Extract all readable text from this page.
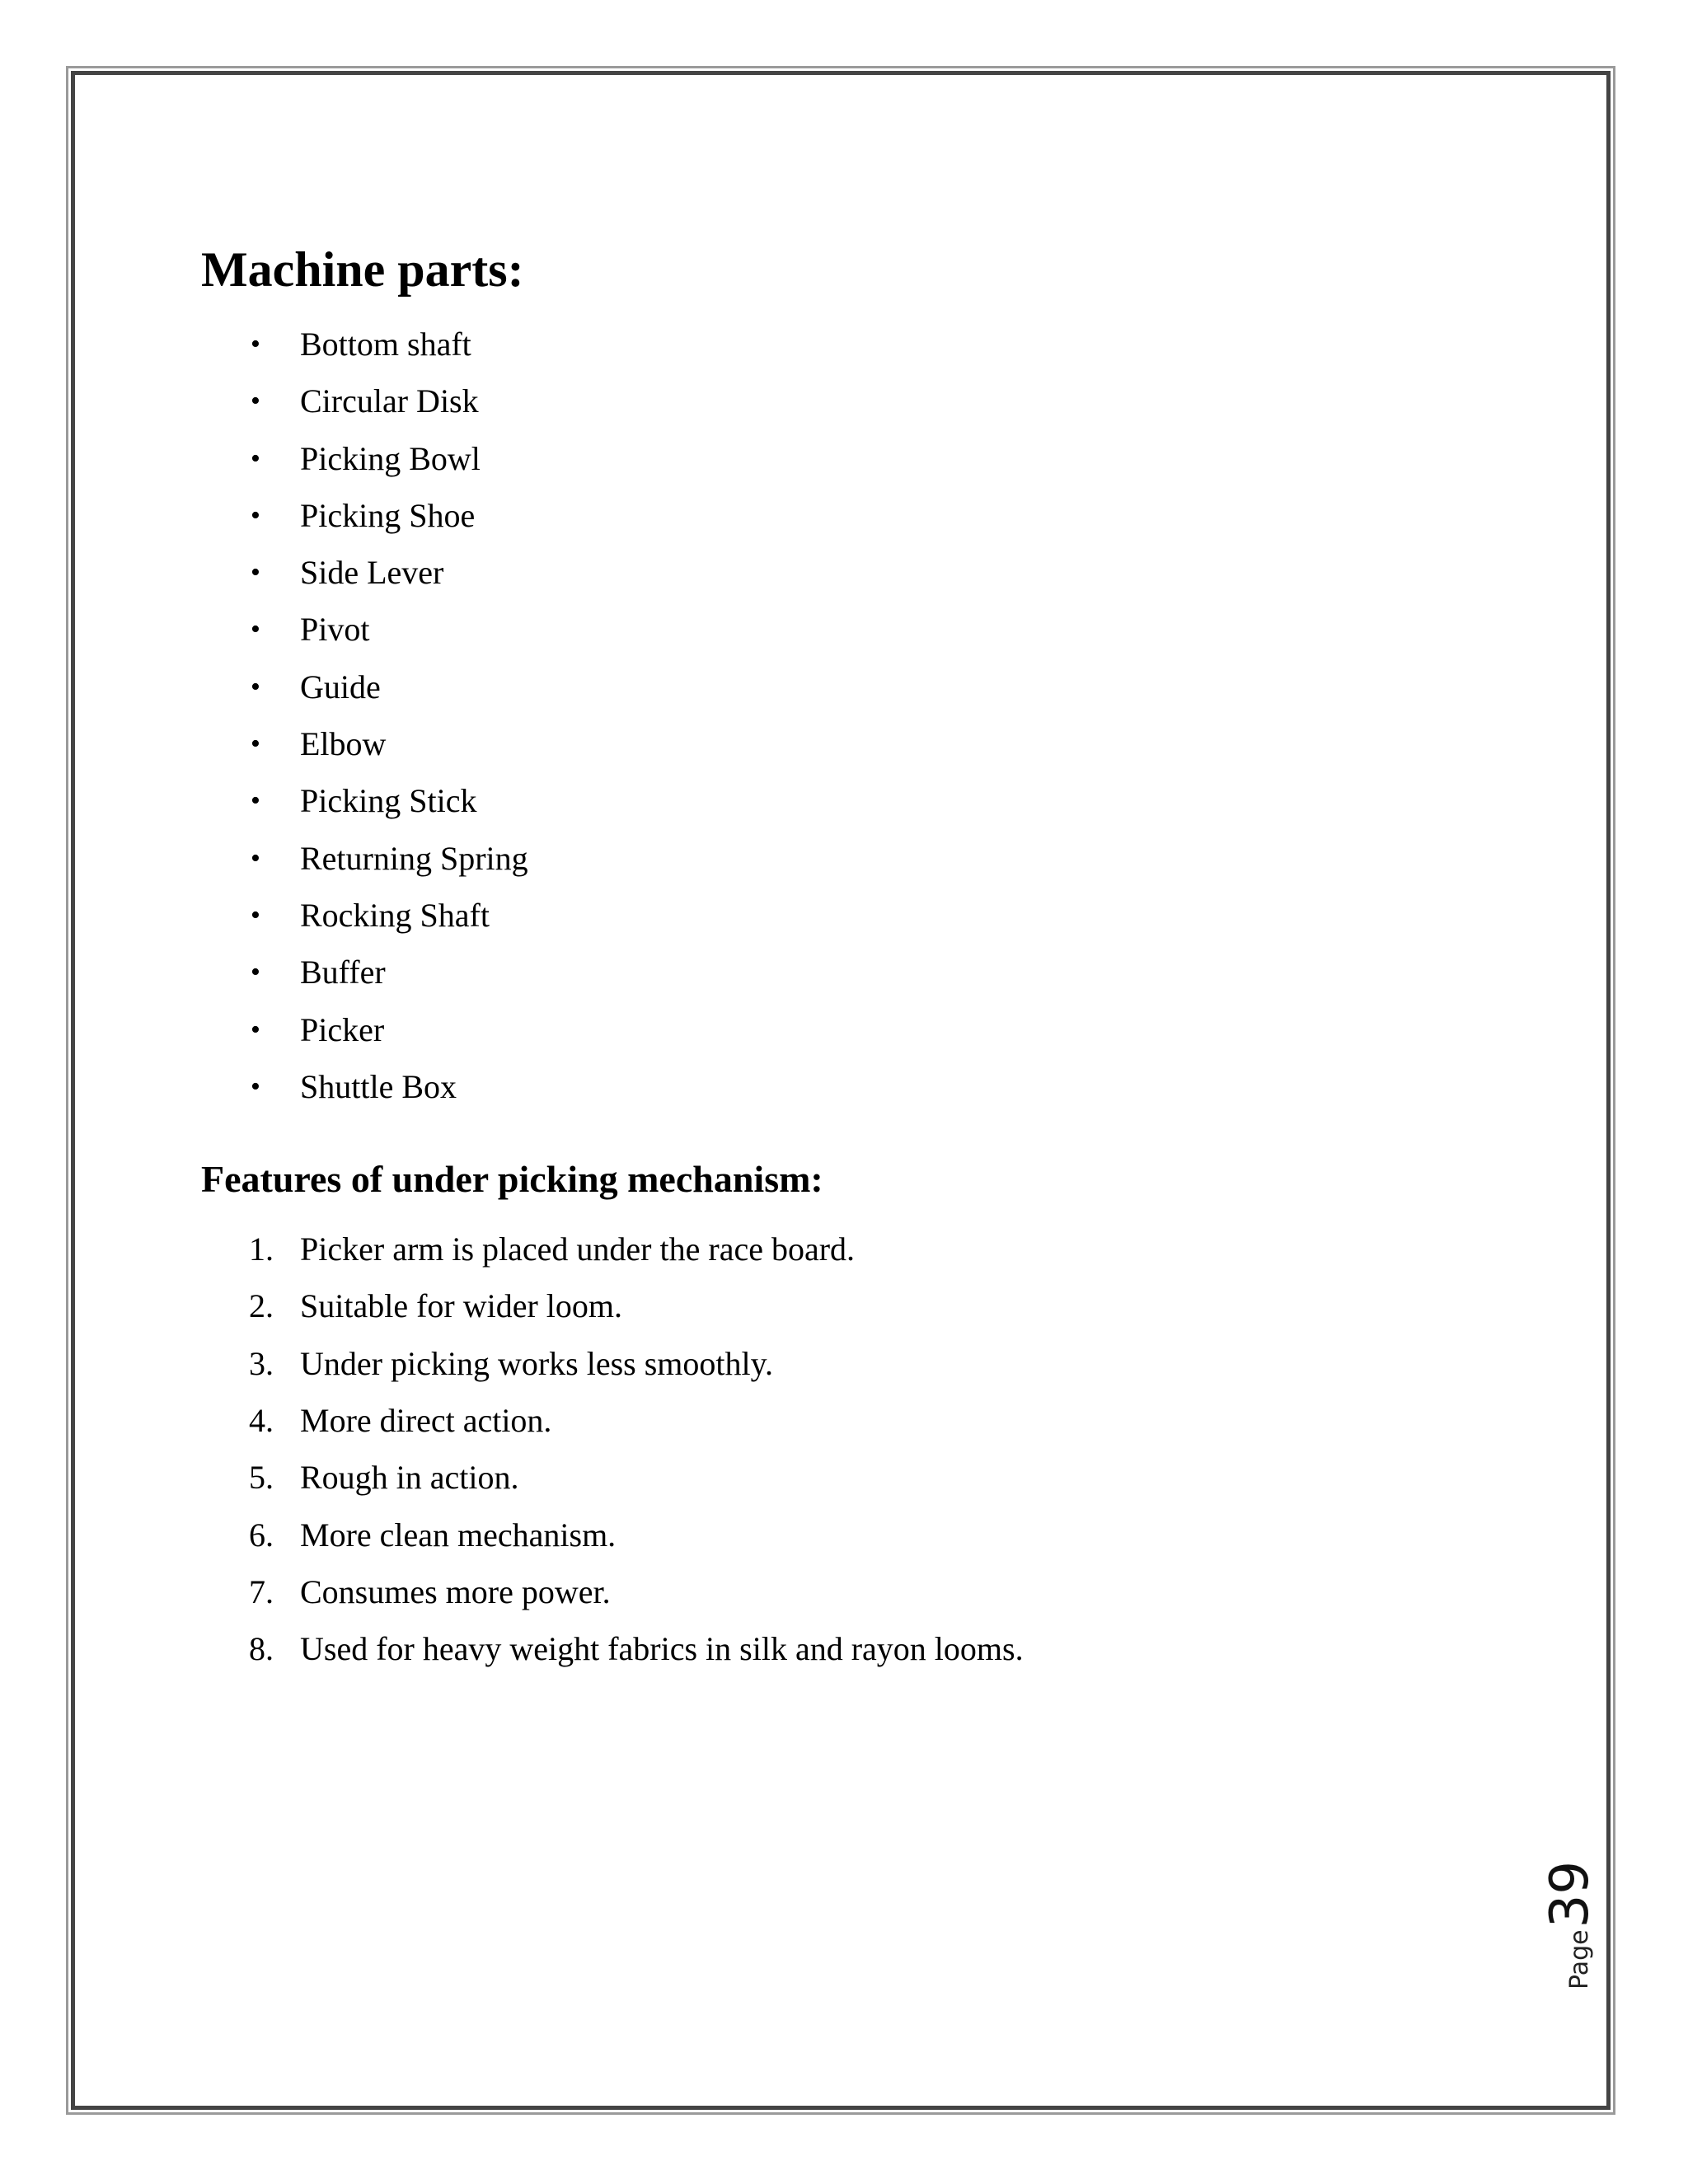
Machine parts:
• Bottom shaft
• Circular Disk
• Picking Bowl
• Picking Shoe
• Side Lever
• Pivot
• Guide
• Elbow
• Picking Stick
• Returning Spring
• Rocking Shaft
• Buffer
• Picker
• Shuttle Box
Features of under picking mechanism:
1. Picker arm is placed under the race board.
2. Suitable for wider loom.
3. Under picking works less smoothly.
4. More direct action.
5. Rough in action.
6. More clean mechanism.
7. Consumes more power.
8. Used for heavy weight fabrics in silk and rayon looms.
Page
39
